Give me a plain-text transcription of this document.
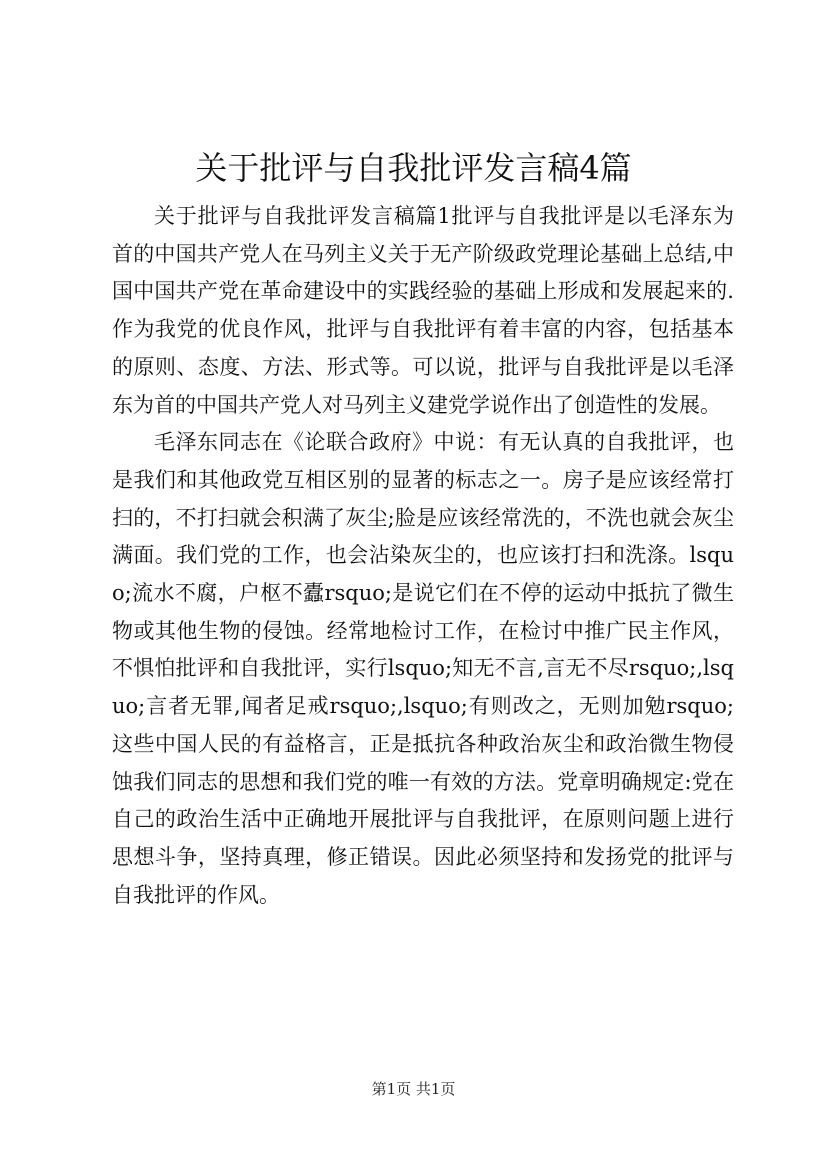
关于批评与自我批评发言稿4篇

关于批评与自我批评发言稿篇1批评与自我批评是以毛泽东为首的中国共产党人在马列主义关于无产阶级政党理论基础上总结,中国中国共产党在革命建设中的实践经验的基础上形成和发展起来的.作为我党的优良作风，批评与自我批评有着丰富的内容，包括基本的原则、态度、方法、形式等。可以说，批评与自我批评是以毛泽东为首的中国共产党人对马列主义建党学说作出了创造性的发展。

毛泽东同志在《论联合政府》中说：有无认真的自我批评，也是我们和其他政党互相区别的显著的标志之一。房子是应该经常打扫的，不打扫就会积满了灰尘;脸是应该经常洗的，不洗也就会灰尘满面。我们党的工作，也会沾染灰尘的，也应该打扫和洗涤。lsquo;流水不腐，户枢不蠹rsquo;是说它们在不停的运动中抵抗了微生物或其他生物的侵蚀。经常地检讨工作，在检讨中推广民主作风，不惧怕批评和自我批评，实行lsquo;知无不言,言无不尽rsquo;,lsquo;言者无罪,闻者足戒rsquo;,lsquo;有则改之，无则加勉rsquo;这些中国人民的有益格言，正是抵抗各种政治灰尘和政治微生物侵蚀我们同志的思想和我们党的唯一有效的方法。党章明确规定:党在自己的政治生活中正确地开展批评与自我批评，在原则问题上进行思想斗争，坚持真理，修正错误。因此必须坚持和发扬党的批评与自我批评的作风。

第1页 共1页
